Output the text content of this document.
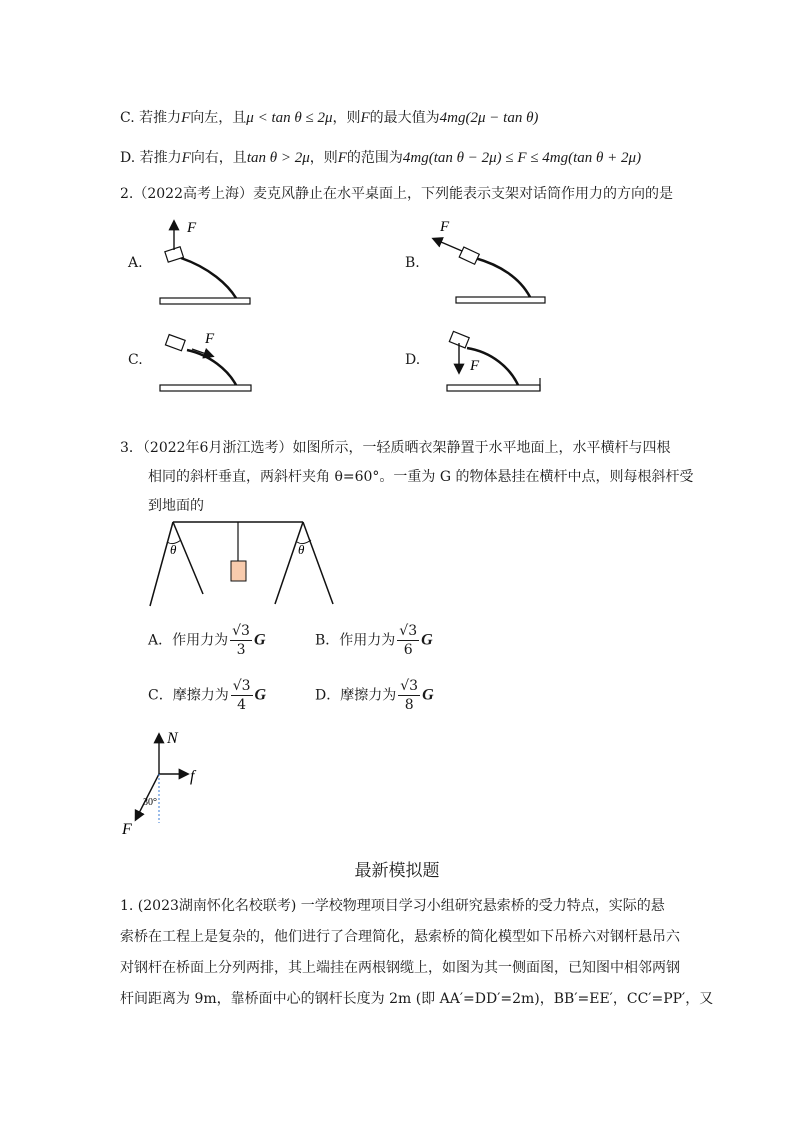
C. 若推力F向左，且μ < tan θ ≤ 2μ，则F的最大值为4mg(2μ − tan θ)
D. 若推力F向右，且tan θ > 2μ，则F的范围为4mg(tan θ − 2μ) ≤ F ≤ 4mg(tan θ + 2μ)
2.（2022高考上海）麦克风静止在水平桌面上，下列能表示支架对话筒作用力的方向的是
A.	B.
C.	D.
F	F
F
F
3．（2022年6月浙江选考）如图所示，一轻质晒衣架静置于水平地面上，水平横杆与四根
相同的斜杆垂直，两斜杆夹角 θ=60°。一重为 G 的物体悬挂在横杆中点，则每根斜杆受
到地面的
θ	θ
A．作用力为 $\frac{√3}{3}$ G	B．作用力为 $\frac{√3}{6}$ G
C．摩擦力为 $\frac{√3}{4}$ G	D．摩擦力为 $\frac{√3}{8}$ G
N
f
F
30°
最新模拟题
1. (2023湖南怀化名校联考) 一学校物理项目学习小组研究悬索桥的受力特点，实际的悬
索桥在工程上是复杂的，他们进行了合理简化，悬索桥的简化模型如下吊桥六对钢杆悬吊六
对钢杆在桥面上分列两排，其上端挂在两根钢缆上，如图为其一侧面图，已知图中相邻两钢
杆间距离为 9m，靠桥面中心的钢杆长度为 2m (即 AA′=DD′=2m)，BB′=EE′，CC′=PP′，又
